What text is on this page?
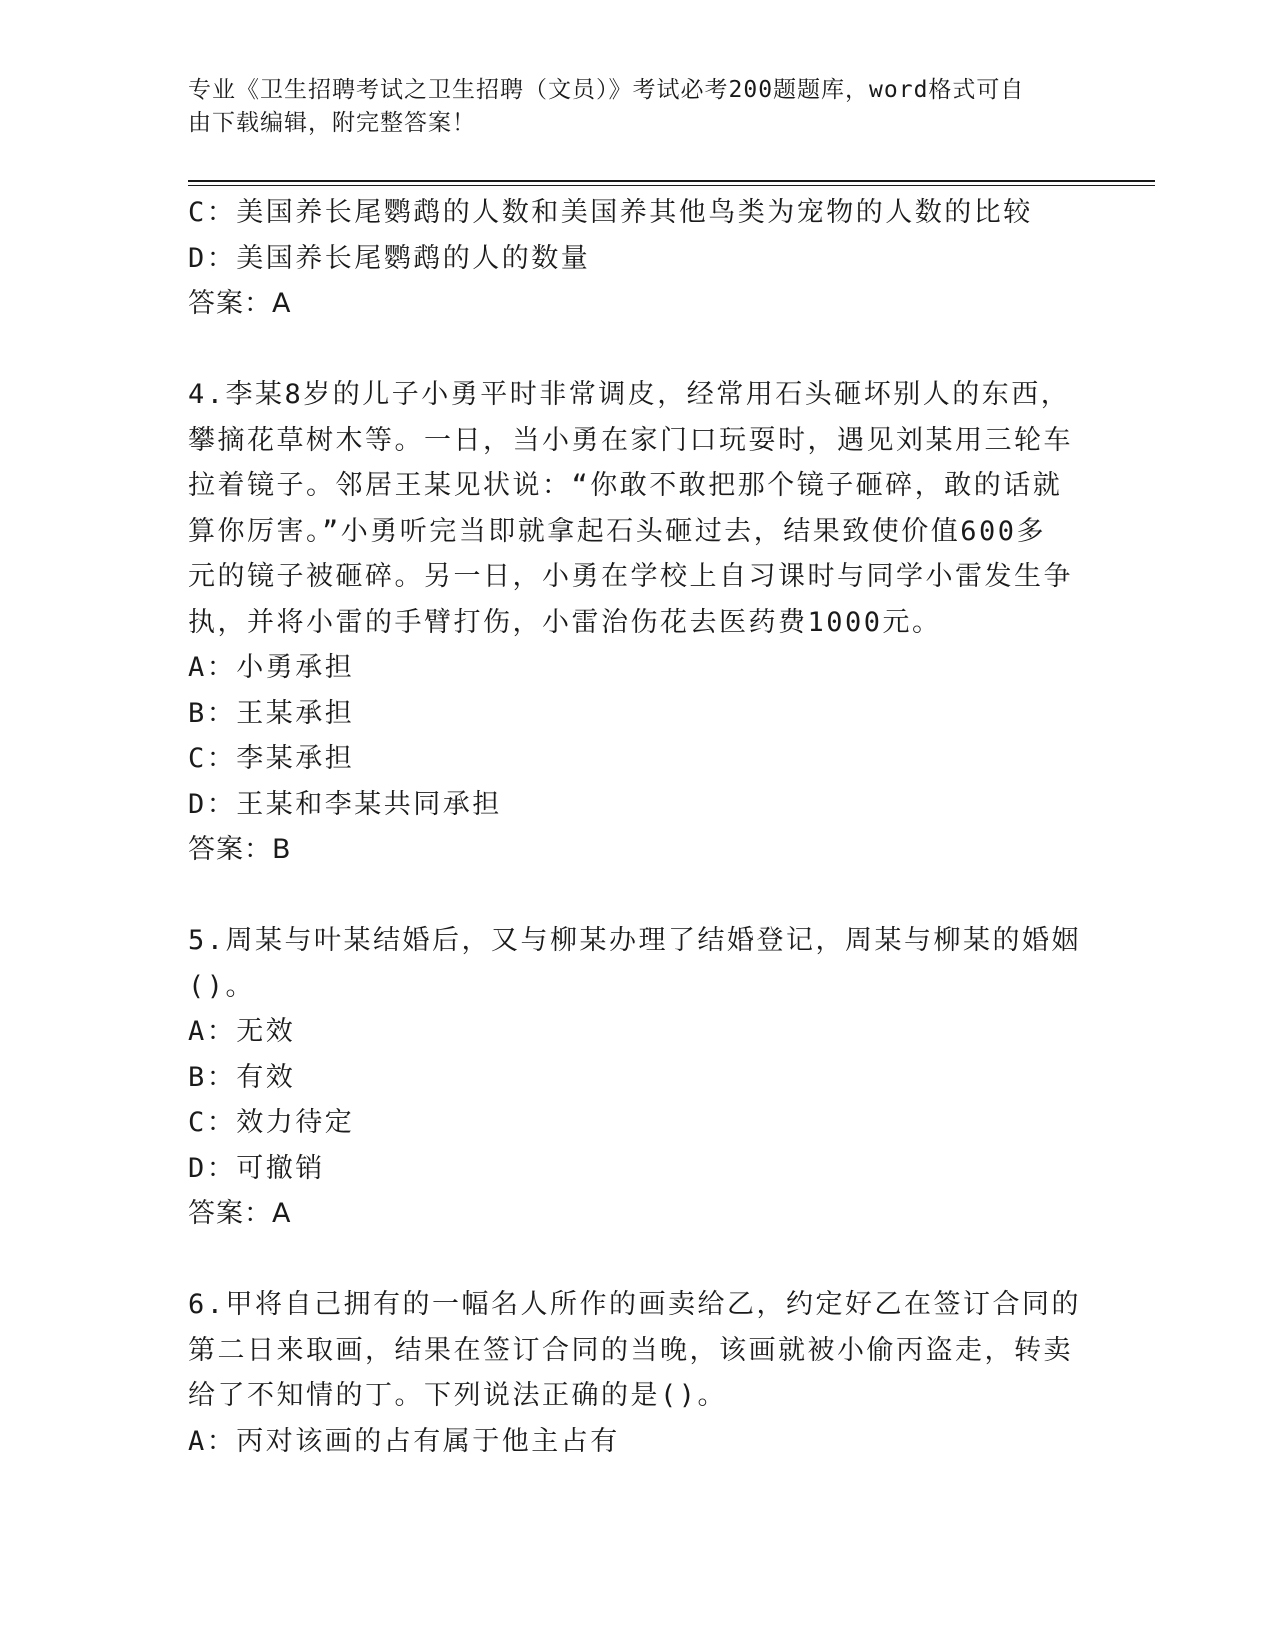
专业《卫生招聘考试之卫生招聘（文员）》考试必考200题题库，word格式可自
由下载编辑，附完整答案！
C：美国养长尾鹦鹉的人数和美国养其他鸟类为宠物的人数的比较
D：美国养长尾鹦鹉的人的数量
答案：A
4.李某8岁的儿子小勇平时非常调皮，经常用石头砸坏别人的东西，
攀摘花草树木等。一日，当小勇在家门口玩耍时，遇见刘某用三轮车
拉着镜子。邻居王某见状说：“你敢不敢把那个镜子砸碎，敢的话就
算你厉害。”小勇听完当即就拿起石头砸过去，结果致使价值600多
元的镜子被砸碎。另一日，小勇在学校上自习课时与同学小雷发生争
执，并将小雷的手臂打伤，小雷治伤花去医药费1000元。
A：小勇承担
B：王某承担
C：李某承担
D：王某和李某共同承担
答案：B
5.周某与叶某结婚后，又与柳某办理了结婚登记，周某与柳某的婚姻
()。
A：无效
B：有效
C：效力待定
D：可撤销
答案：A
6.甲将自己拥有的一幅名人所作的画卖给乙，约定好乙在签订合同的
第二日来取画，结果在签订合同的当晚，该画就被小偷丙盗走，转卖
给了不知情的丁。下列说法正确的是()。
A：丙对该画的占有属于他主占有
